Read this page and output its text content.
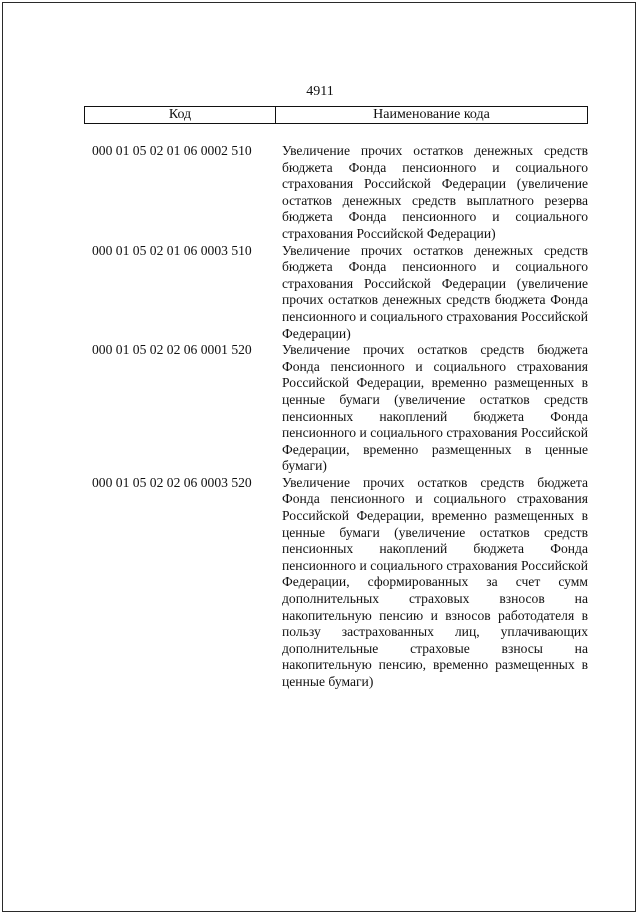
4911
Код	Наименование кода
000 01 05 02 01 06 0002 510	Увеличение прочих остатков денежных средств бюджета Фонда пенсионного и социального страхования Российской Федерации (увеличение остатков денежных средств выплатного резерва бюджета Фонда пенсионного и социального страхования Российской Федерации)
000 01 05 02 01 06 0003 510	Увеличение прочих остатков денежных средств бюджета Фонда пенсионного и социального страхования Российской Федерации (увеличение прочих остатков денежных средств бюджета Фонда пенсионного и социального страхования Российской Федерации)
000 01 05 02 02 06 0001 520	Увеличение прочих остатков средств бюджета Фонда пенсионного и социального страхования Российской Федерации, временно размещенных в ценные бумаги (увеличение остатков средств пенсионных накоплений бюджета Фонда пенсионного и социального страхования Российской Федерации, временно размещенных в ценные бумаги)
000 01 05 02 02 06 0003 520	Увеличение прочих остатков средств бюджета Фонда пенсионного и социального страхования Российской Федерации, временно размещенных в ценные бумаги (увеличение остатков средств пенсионных накоплений бюджета Фонда пенсионного и социального страхования Российской Федерации, сформированных за счет сумм дополнительных страховых взносов на накопительную пенсию и взносов работодателя в пользу застрахованных лиц, уплачивающих дополнительные страховые взносы на накопительную пенсию, временно размещенных в ценные бумаги)
